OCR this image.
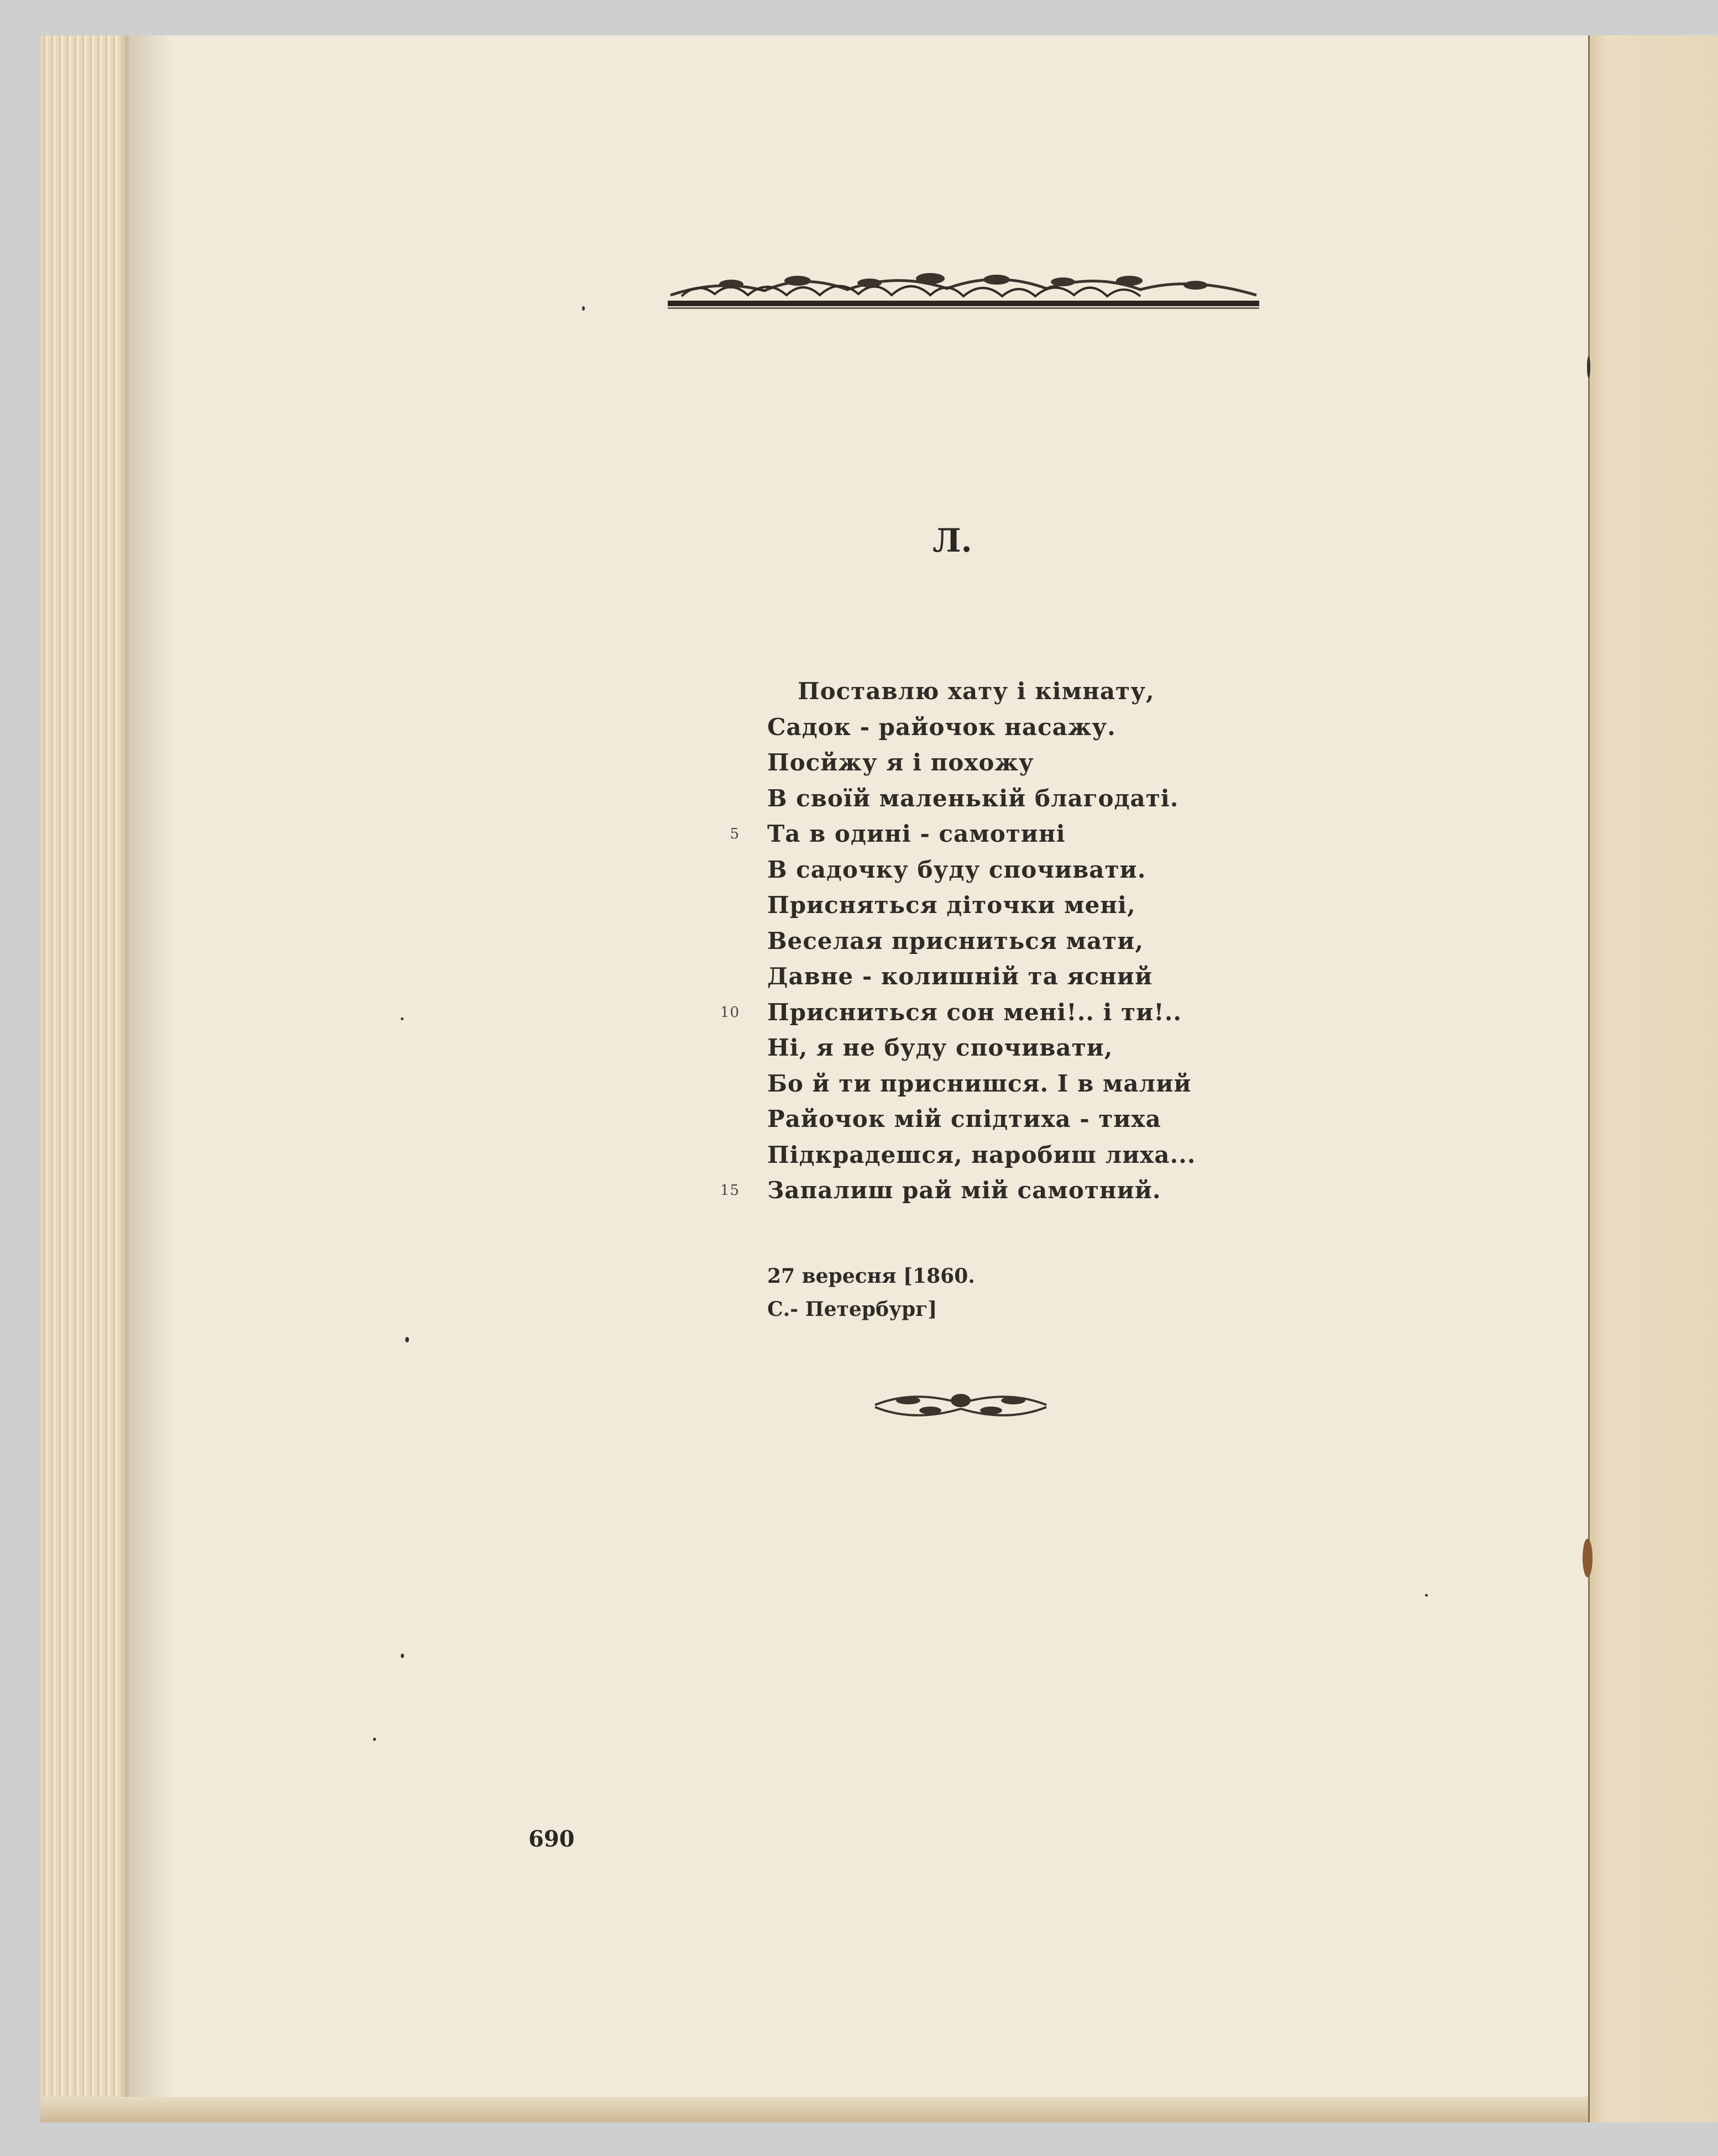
Л.
Поставлю хату і кімнату,
Садок - райочок насажу.
Посйжу я і похожу
В своїй маленькій благодаті.
5 Та в одині - самотині
В садочку буду спочивати.
Присняться діточки мені,
Веселая присниться мати,
Давне - колишній та ясний
10 Присниться сон мені!.. і ти!..
Ні, я не буду спочивати,
Бо й ти приснишся. І в малий
Райочок мій спідтиха - тиха
Підкрадешся, наробиш лиха...
15 Запалиш рай мій самотний.
27 вересня [1860.
С.- Петербург]
690
